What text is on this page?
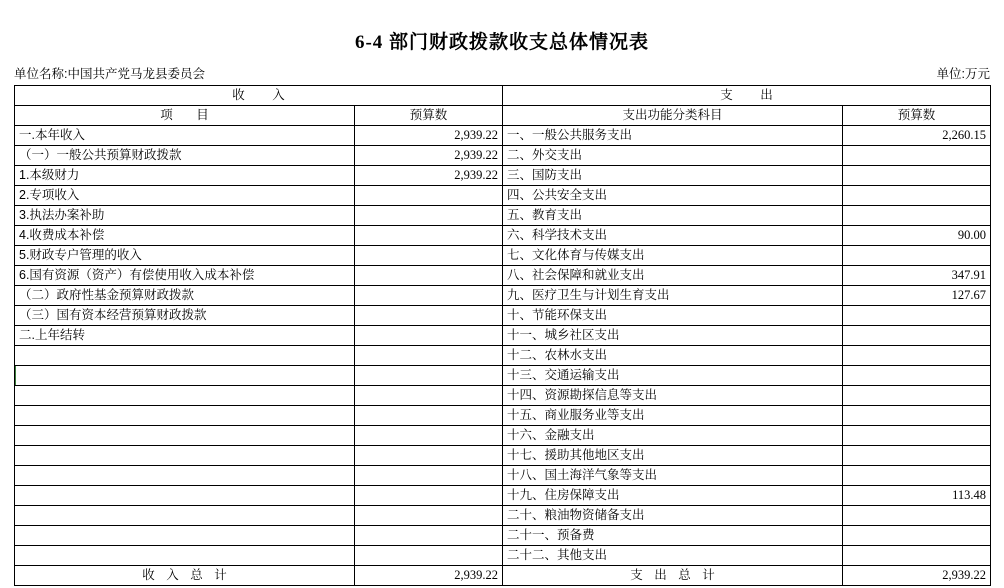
6-4 部门财政拨款收支总体情况表
单位名称:中国共产党马龙县委员会	单位:万元
收 入		支 出	
项 目	预算数	支出功能分类科目	预算数
一.本年收入	2,939.22	一、一般公共服务支出	2,260.15
（一）一般公共预算财政拨款	2,939.22	二、外交支出	
1.本级财力	2,939.22	三、国防支出	
2.专项收入		四、公共安全支出	
3.执法办案补助		五、教育支出	
4.收费成本补偿		六、科学技术支出	90.00
5.财政专户管理的收入		七、文化体育与传媒支出	
6.国有资源（资产）有偿使用收入成本补偿		八、社会保障和就业支出	347.91
（二）政府性基金预算财政拨款		九、医疗卫生与计划生育支出	127.67
（三）国有资本经营预算财政拨款		十、节能环保支出	
二.上年结转		十一、城乡社区支出	
		十二、农林水支出	
		十三、交通运输支出	
		十四、资源勘探信息等支出	
		十五、商业服务业等支出	
		十六、金融支出	
		十七、援助其他地区支出	
		十八、国土海洋气象等支出	
		十九、住房保障支出	113.48
		二十、粮油物资储备支出	
		二十一、预备费	
		二十二、其他支出	
收 入 总 计	2,939.22	支 出 总 计	2,939.22
